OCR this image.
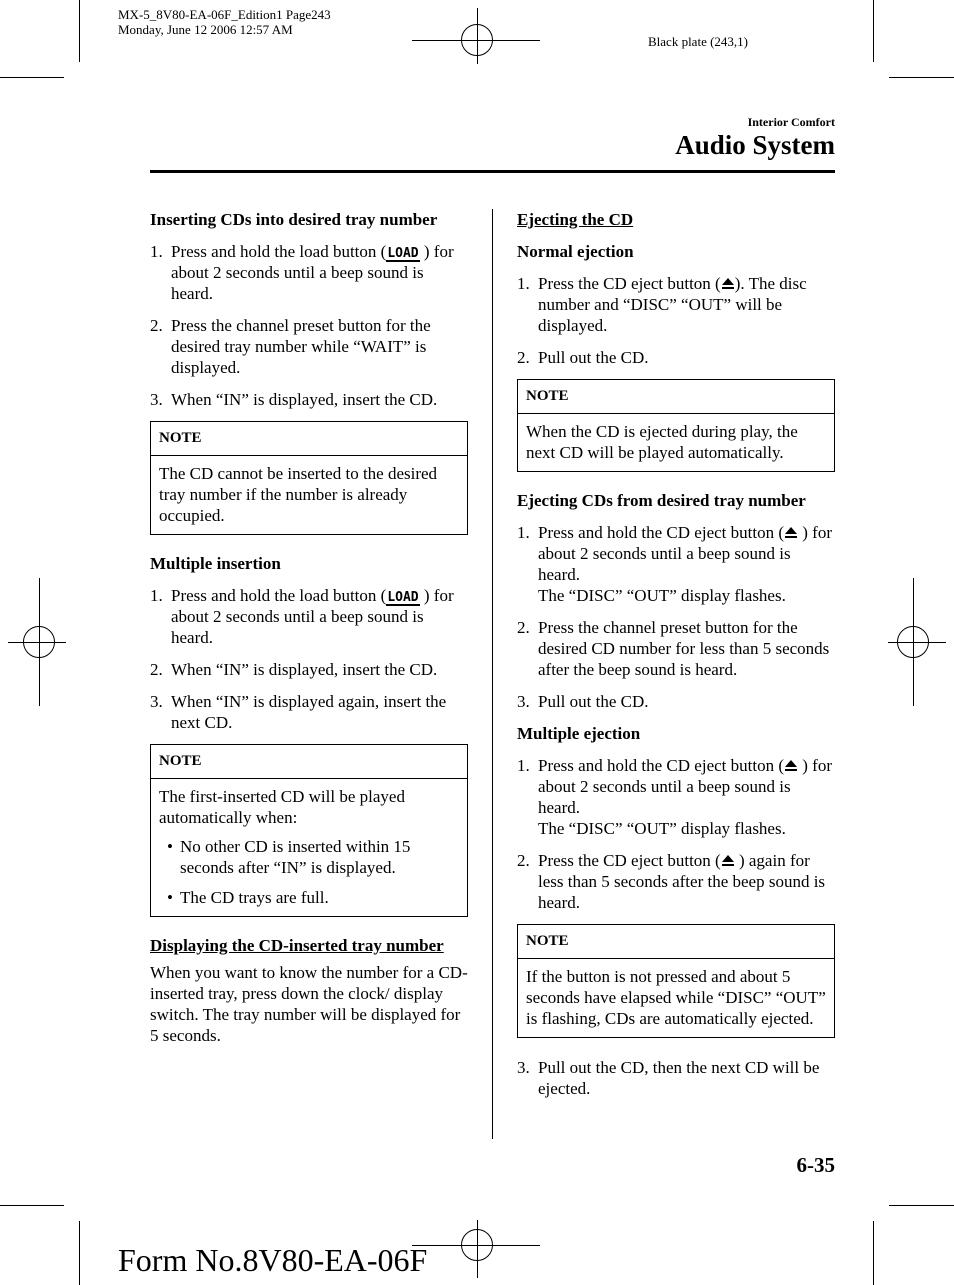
MX-5_8V80-EA-06F_Edition1 Page243
Monday, June 12 2006 12:57 AM
Black plate (243,1)
Interior Comfort
Audio System
Inserting CDs into desired tray number
1. Press and hold the load button (LOAD ) for about 2 seconds until a beep sound is heard.
2. Press the channel preset button for the desired tray number while “WAIT” is displayed.
3. When “IN” is displayed, insert the CD.
NOTE
The CD cannot be inserted to the desired tray number if the number is already occupied.
Multiple insertion
1. Press and hold the load button (LOAD ) for about 2 seconds until a beep sound is heard.
2. When “IN” is displayed, insert the CD.
3. When “IN” is displayed again, insert the next CD.
NOTE
The first-inserted CD will be played automatically when:
• No other CD is inserted within 15 seconds after “IN” is displayed.
• The CD trays are full.
Displaying the CD-inserted tray number

When you want to know the number for a CD-inserted tray, press down the clock/ display switch. The tray number will be displayed for 5 seconds.

Ejecting the CD
Normal ejection
1. Press the CD eject button ( ). The disc number and “DISC” “OUT” will be displayed.
2. Pull out the CD.
NOTE
When the CD is ejected during play, the next CD will be played automatically.
Ejecting CDs from desired tray number
1. Press and hold the CD eject button ( ) for about 2 seconds until a beep sound is heard.
The “DISC” “OUT” display flashes.
2. Press the channel preset button for the desired CD number for less than 5 seconds after the beep sound is heard.
3. Pull out the CD.
Multiple ejection
1. Press and hold the CD eject button ( ) for about 2 seconds until a beep sound is heard.
The “DISC” “OUT” display flashes.
2. Press the CD eject button ( ) again for less than 5 seconds after the beep sound is heard.
NOTE
If the button is not pressed and about 5 seconds have elapsed while “DISC” “OUT” is flashing, CDs are automatically ejected.
3. Pull out the CD, then the next CD will be ejected.
6-35
Form No.8V80-EA-06F
